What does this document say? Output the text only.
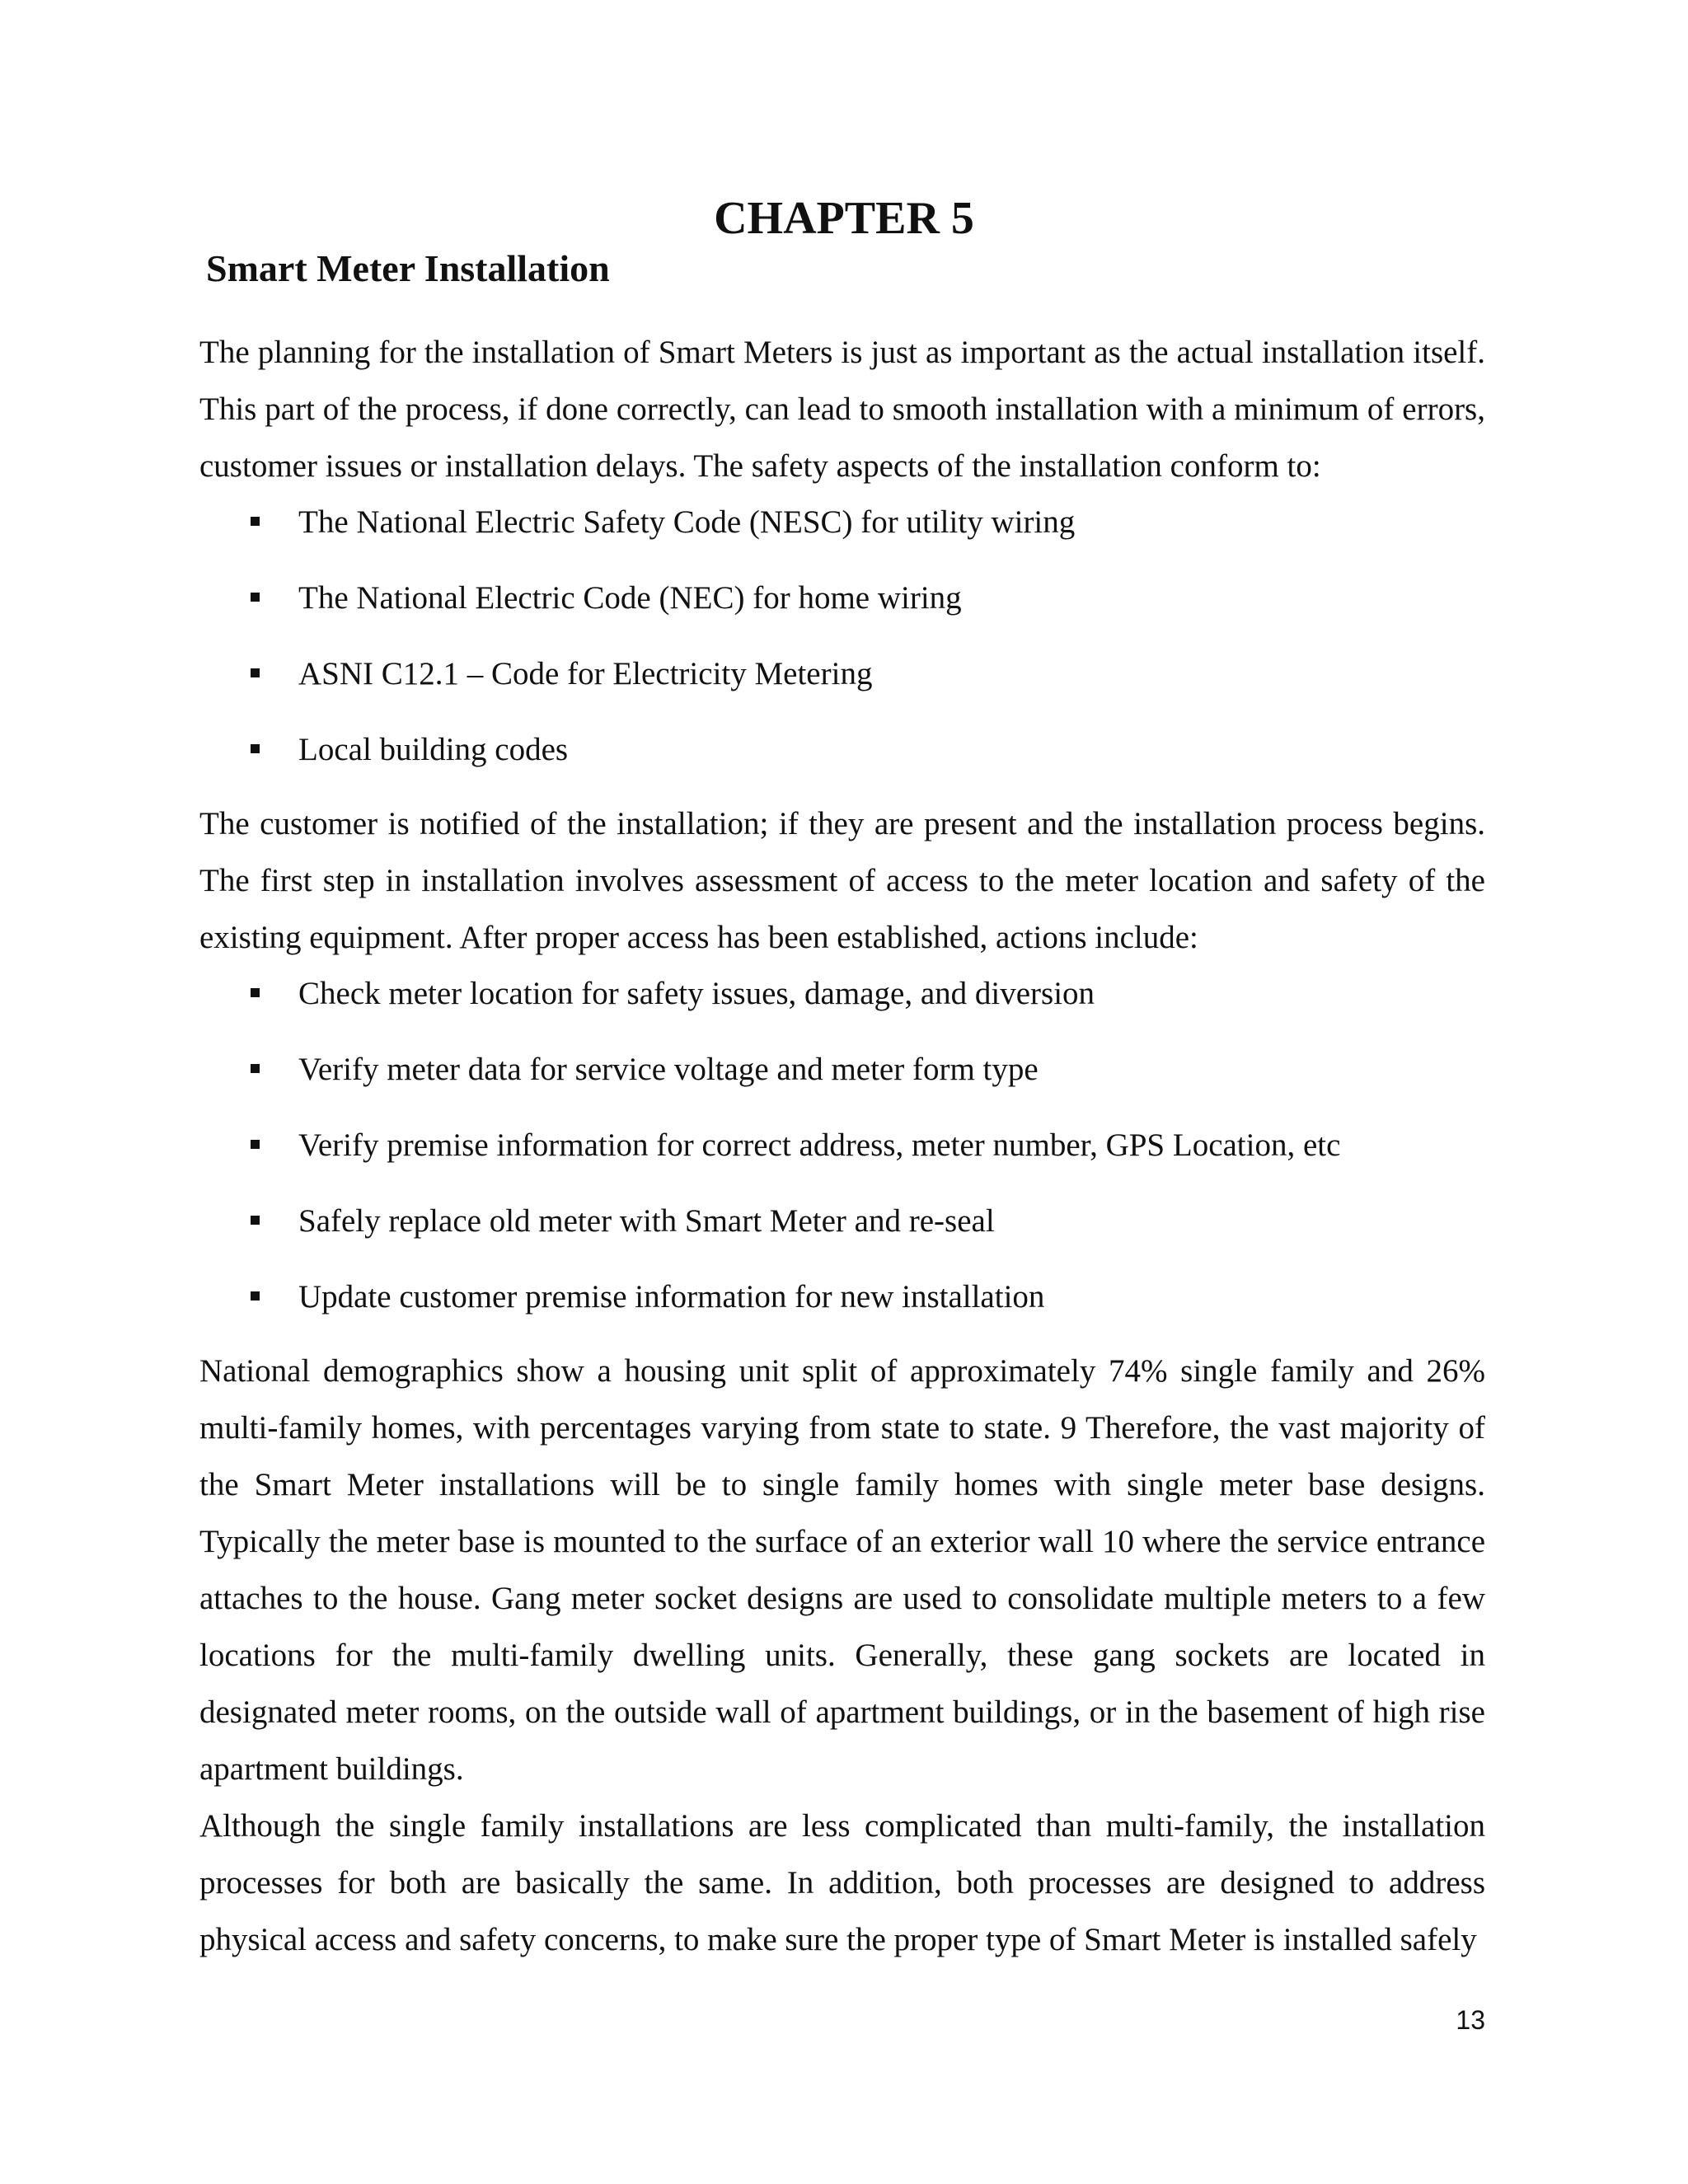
CHAPTER 5
Smart Meter Installation

The planning for the installation of Smart Meters is just as important as the actual installation itself. This part of the process, if done correctly, can lead to smooth installation with a minimum of errors, customer issues or installation delays. The safety aspects of the installation conform to:

The National Electric Safety Code (NESC) for utility wiring
The National Electric Code (NEC) for home wiring
ASNI C12.1 – Code for Electricity Metering
Local building codes

The customer is notified of the installation; if they are present and the installation process begins. The first step in installation involves assessment of access to the meter location and safety of the existing equipment. After proper access has been established, actions include:

Check meter location for safety issues, damage, and diversion
Verify meter data for service voltage and meter form type
Verify premise information for correct address, meter number, GPS Location, etc
Safely replace old meter with Smart Meter and re-seal
Update customer premise information for new installation

National demographics show a housing unit split of approximately 74% single family and 26% multi-family homes, with percentages varying from state to state. 9 Therefore, the vast majority of the Smart Meter installations will be to single family homes with single meter base designs. Typically the meter base is mounted to the surface of an exterior wall 10 where the service entrance attaches to the house. Gang meter socket designs are used to consolidate multiple meters to a few locations for the multi-family dwelling units. Generally, these gang sockets are located in designated meter rooms, on the outside wall of apartment buildings, or in the basement of high rise apartment buildings.

Although the single family installations are less complicated than multi-family, the installation processes for both are basically the same. In addition, both processes are designed to address physical access and safety concerns, to make sure the proper type of Smart Meter is installed safely

13
